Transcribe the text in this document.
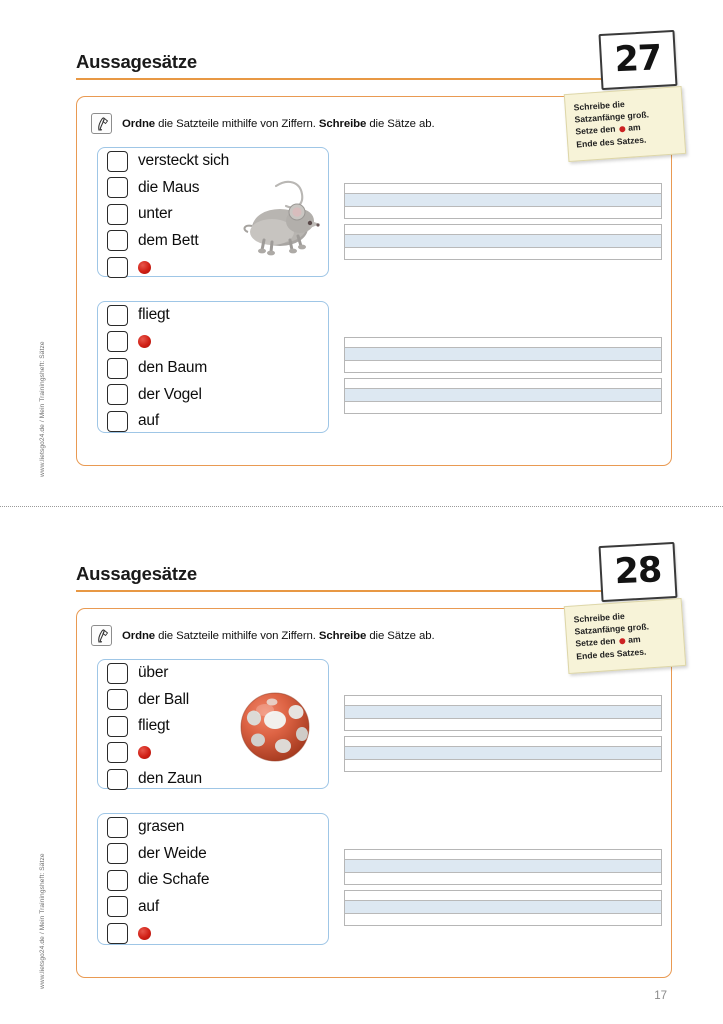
Aussagesätze	27
Schreibe die
Satzanfänge groß.
Setze den am
Ende des Satzes.
Ordne die Satzteile mithilfe von Ziffern. Schreibe die Sätze ab.
versteckt sich
die Maus
unter
dem Bett
fliegt
den Baum
der Vogel
auf
www.lietsgo24.de / Mein Trainingsheft: Sätze
Aussagesätze	28
Schreibe die
Satzanfänge groß.
Setze den am
Ende des Satzes.
Ordne die Satzteile mithilfe von Ziffern. Schreibe die Sätze ab.
über
der Ball
fliegt
den Zaun
grasen
der Weide
die Schafe
auf
www.lietsgo24.de / Mein Trainingsheft: Sätze
17
